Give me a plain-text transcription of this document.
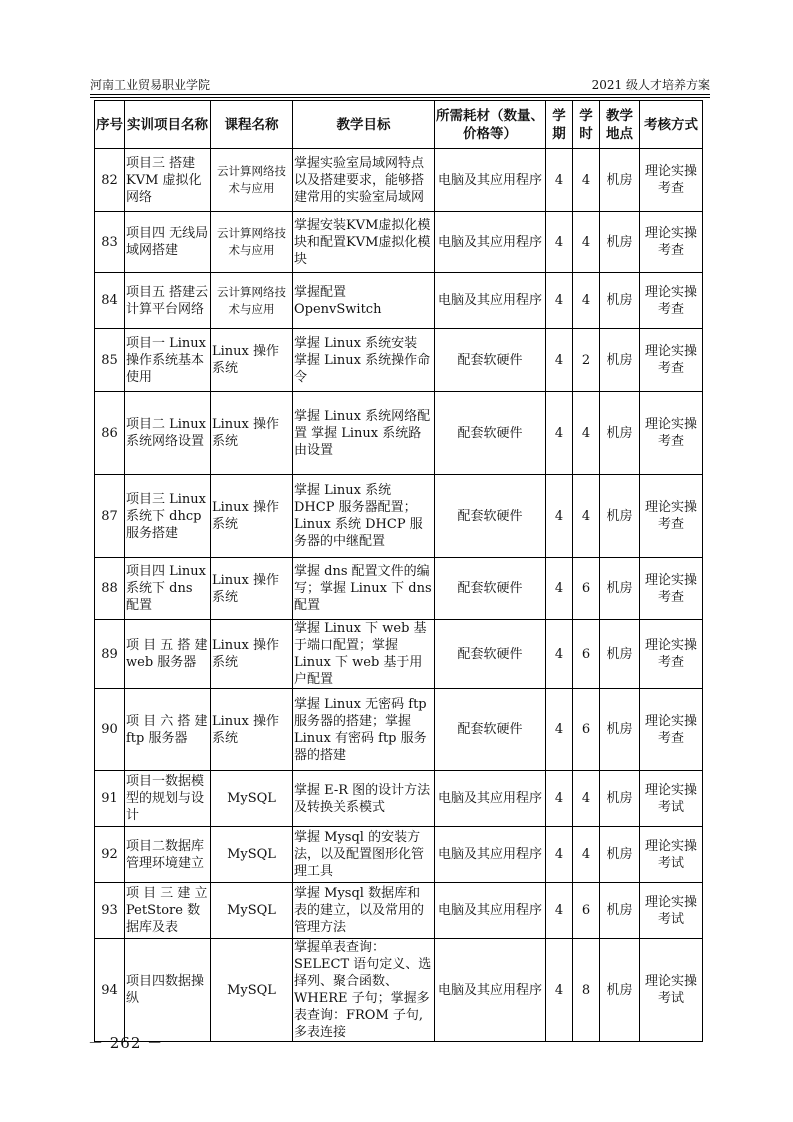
河南工业贸易职业学院	2021 级人才培养方案
序号	实训项目名称	课程名称	教学目标	所需耗材（数量、价格等）	学期	学时	教学地点	考核方式
82	项目三 搭建KVM 虚拟化网络	云计算网络技术与应用	掌握实验室局域网特点以及搭建要求，能够搭建常用的实验室局域网	电脑及其应用程序	4	4	机房	理论实操考查
83	项目四 无线局域网搭建	云计算网络技术与应用	掌握安装KVM虚拟化模块和配置KVM虚拟化模块	电脑及其应用程序	4	4	机房	理论实操考查
84	项目五 搭建云计算平台网络	云计算网络技术与应用	掌握配置 OpenvSwitch	电脑及其应用程序	4	4	机房	理论实操考查
85	项目一 Linux 操作系统基本使用	Linux 操作系统	掌握 Linux 系统安装 掌握 Linux 系统操作命令	配套软硬件	4	2	机房	理论实操考查
86	项目二 Linux 系统网络设置	Linux 操作系统	掌握 Linux 系统网络配置 掌握 Linux 系统路由设置	配套软硬件	4	4	机房	理论实操考查
87	项目三 Linux 系统下 dhcp 服务搭建	Linux 操作系统	掌握 Linux 系统 DHCP 服务器配置；Linux 系统 DHCP 服务器的中继配置	配套软硬件	4	4	机房	理论实操考查
88	项目四 Linux 系统下 dns 配置	Linux 操作系统	掌握 dns 配置文件的编写；掌握 Linux 下 dns 配置	配套软硬件	4	6	机房	理论实操考查
89	项 目 五 搭 建 web 服务器	Linux 操作系统	掌握 Linux 下 web 基于端口配置；掌握 Linux 下 web 基于用户配置	配套软硬件	4	6	机房	理论实操考查
90	项 目 六 搭 建 ftp 服务器	Linux 操作系统	掌握 Linux 无密码 ftp 服务器的搭建；掌握 Linux 有密码 ftp 服务器的搭建	配套软硬件	4	6	机房	理论实操考查
91	项目一数据模型的规划与设计	MySQL	掌握 E-R 图的设计方法及转换关系模式	电脑及其应用程序	4	4	机房	理论实操考试
92	项目二数据库管理环境建立	MySQL	掌握 Mysql 的安装方法，以及配置图形化管理工具	电脑及其应用程序	4	4	机房	理论实操考试
93	项 目 三 建 立 PetStore 数据库及表	MySQL	掌握 Mysql 数据库和表的建立，以及常用的管理方法	电脑及其应用程序	4	6	机房	理论实操考试
94	项目四数据操纵	MySQL	掌握单表查询：SELECT 语句定义、选择列、聚合函数、WHERE 子句；掌握多表查询：FROM 子句,多表连接	电脑及其应用程序	4	8	机房	理论实操考试
－ 262 －
